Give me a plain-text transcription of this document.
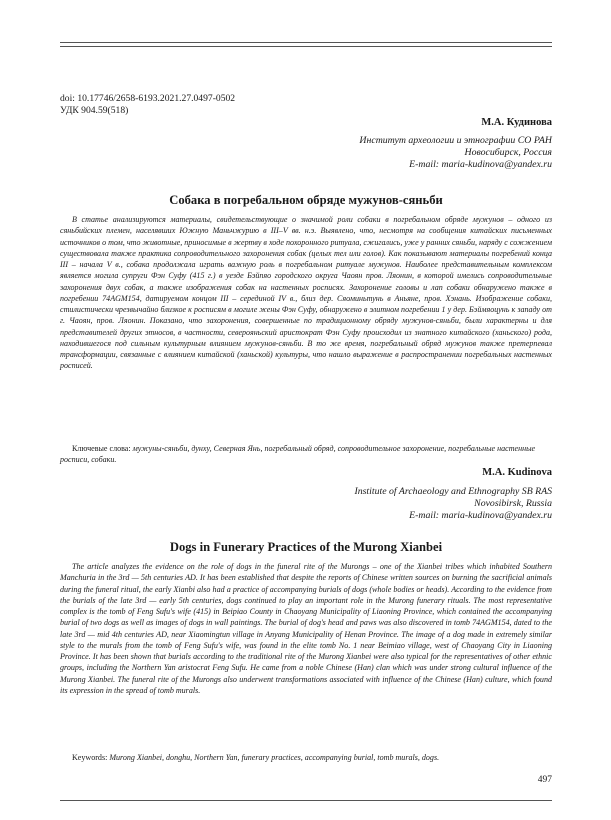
doi: 10.17746/2658-6193.2021.27.0497-0502
УДК 904.59(518)
М.А. Кудинова
Институт археологии и этнографии СО РАН
Новосибирск, Россия
E-mail: maria-kudinova@yandex.ru
Собака в погребальном обряде мужунов-сяньби

В статье анализируются материалы, свидетельствующие о значимой роли собаки в погребальном обряде мужунов – одного из сяньбийских племен, населявших Южную Маньчжурию в III–V вв. н.э. Выявлено, что, несмотря на сообщения китайских письменных источников о том, что животные, приносимые в жертву в ходе похоронного ритуала, сжигались, уже у ранних сяньби, наряду с сожжением существовала также практика сопроводительного захоронения собак (целых тел или голов). Как показывают материалы погребений конца III – начала V в., собака продолжала играть важную роль в погребальном ритуале мужунов. Наиболее представительным комплексом является могила супруги Фэн Суфу (415 г.) в уезде Бэйпяо городского округа Чаоян пров. Ляонин, в которой имелись сопроводительные захоронения двух собак, а также изображения собак на настенных росписях. Захоронение головы и лап собаки обнаружено также в погребении 74AGM154, датируемом концом III – серединой IV в., близ дер. Сяоминьтунь в Аньяне, пров. Хэнань. Изображение собаки, стилистически чрезвычайно близкое к росписям в могиле жены Фэн Суфу, обнаружено в элитном погребении 1 у дер. Бэймяоцунь к западу от г. Чаоян, пров. Ляонин. Показано, что захоронения, совершенные по традиционному обряду мужунов-сяньби, были характерны и для представителей других этносов, в частности, северояньский аристократ Фэн Суфу происходил из знатного китайского (ханьского) рода, находившегося под сильным культурным влиянием мужунов-сяньби. В то же время, погребальный обряд мужунов также претерпевал трансформации, связанные с влиянием китайской (ханьской) культуры, что нашло выражение в распространении погребальных настенных росписей.

Ключевые слова: мужуны-сяньби, дунху, Северная Янь, погребальный обряд, сопроводительное захоронение, погребальные настенные росписи, собаки.

M.A. Kudinova
Institute of Archaeology and Ethnography SB RAS
Novosibirsk, Russia
E-mail: maria-kudinova@yandex.ru
Dogs in Funerary Practices of the Murong Xianbei

The article analyzes the evidence on the role of dogs in the funeral rite of the Murongs – one of the Xianbei tribes which inhabited Southern Manchuria in the 3rd — 5th centuries AD. It has been established that despite the reports of Chinese written sources on burning the sacrificial animals during the funeral ritual, the early Xianbi also had a practice of accompanying burials of dogs (whole bodies or heads). According to the evidence from the burials of the late 3rd — early 5th centuries, dogs continued to play an important role in the Murong funerary rituals. The most representative complex is the tomb of Feng Sufu's wife (415) in Beipiao County in Chaoyang Municipality of Liaoning Province, which contained the accompanying burial of two dogs as well as images of dogs in wall paintings. The burial of dog's head and paws was also discovered in tomb 74AGM154, dated to the late 3rd — mid 4th centuries AD, near Xiaomingtun village in Anyang Municipality of Henan Province. The image of a dog made in extremely similar style to the murals from the tomb of Feng Sufu's wife, was found in the elite tomb No. 1 near Beimiao village, west of Chaoyang City in Liaoning Province. It has been shown that burials according to the traditional rite of the Murong Xianbei were also typical for the representatives of other ethnic groups, including the Northern Yan aristocrat Feng Sufu. He came from a noble Chinese (Han) clan which was under strong cultural influence of the Murong Xianbei. The funeral rite of the Murongs also underwent transformations associated with influence of the Chinese (Han) culture, which found its expression in the spread of tomb murals.

Keywords: Murong Xianbei, donghu, Northern Yan, funerary practices, accompanying burial, tomb murals, dogs.

497
